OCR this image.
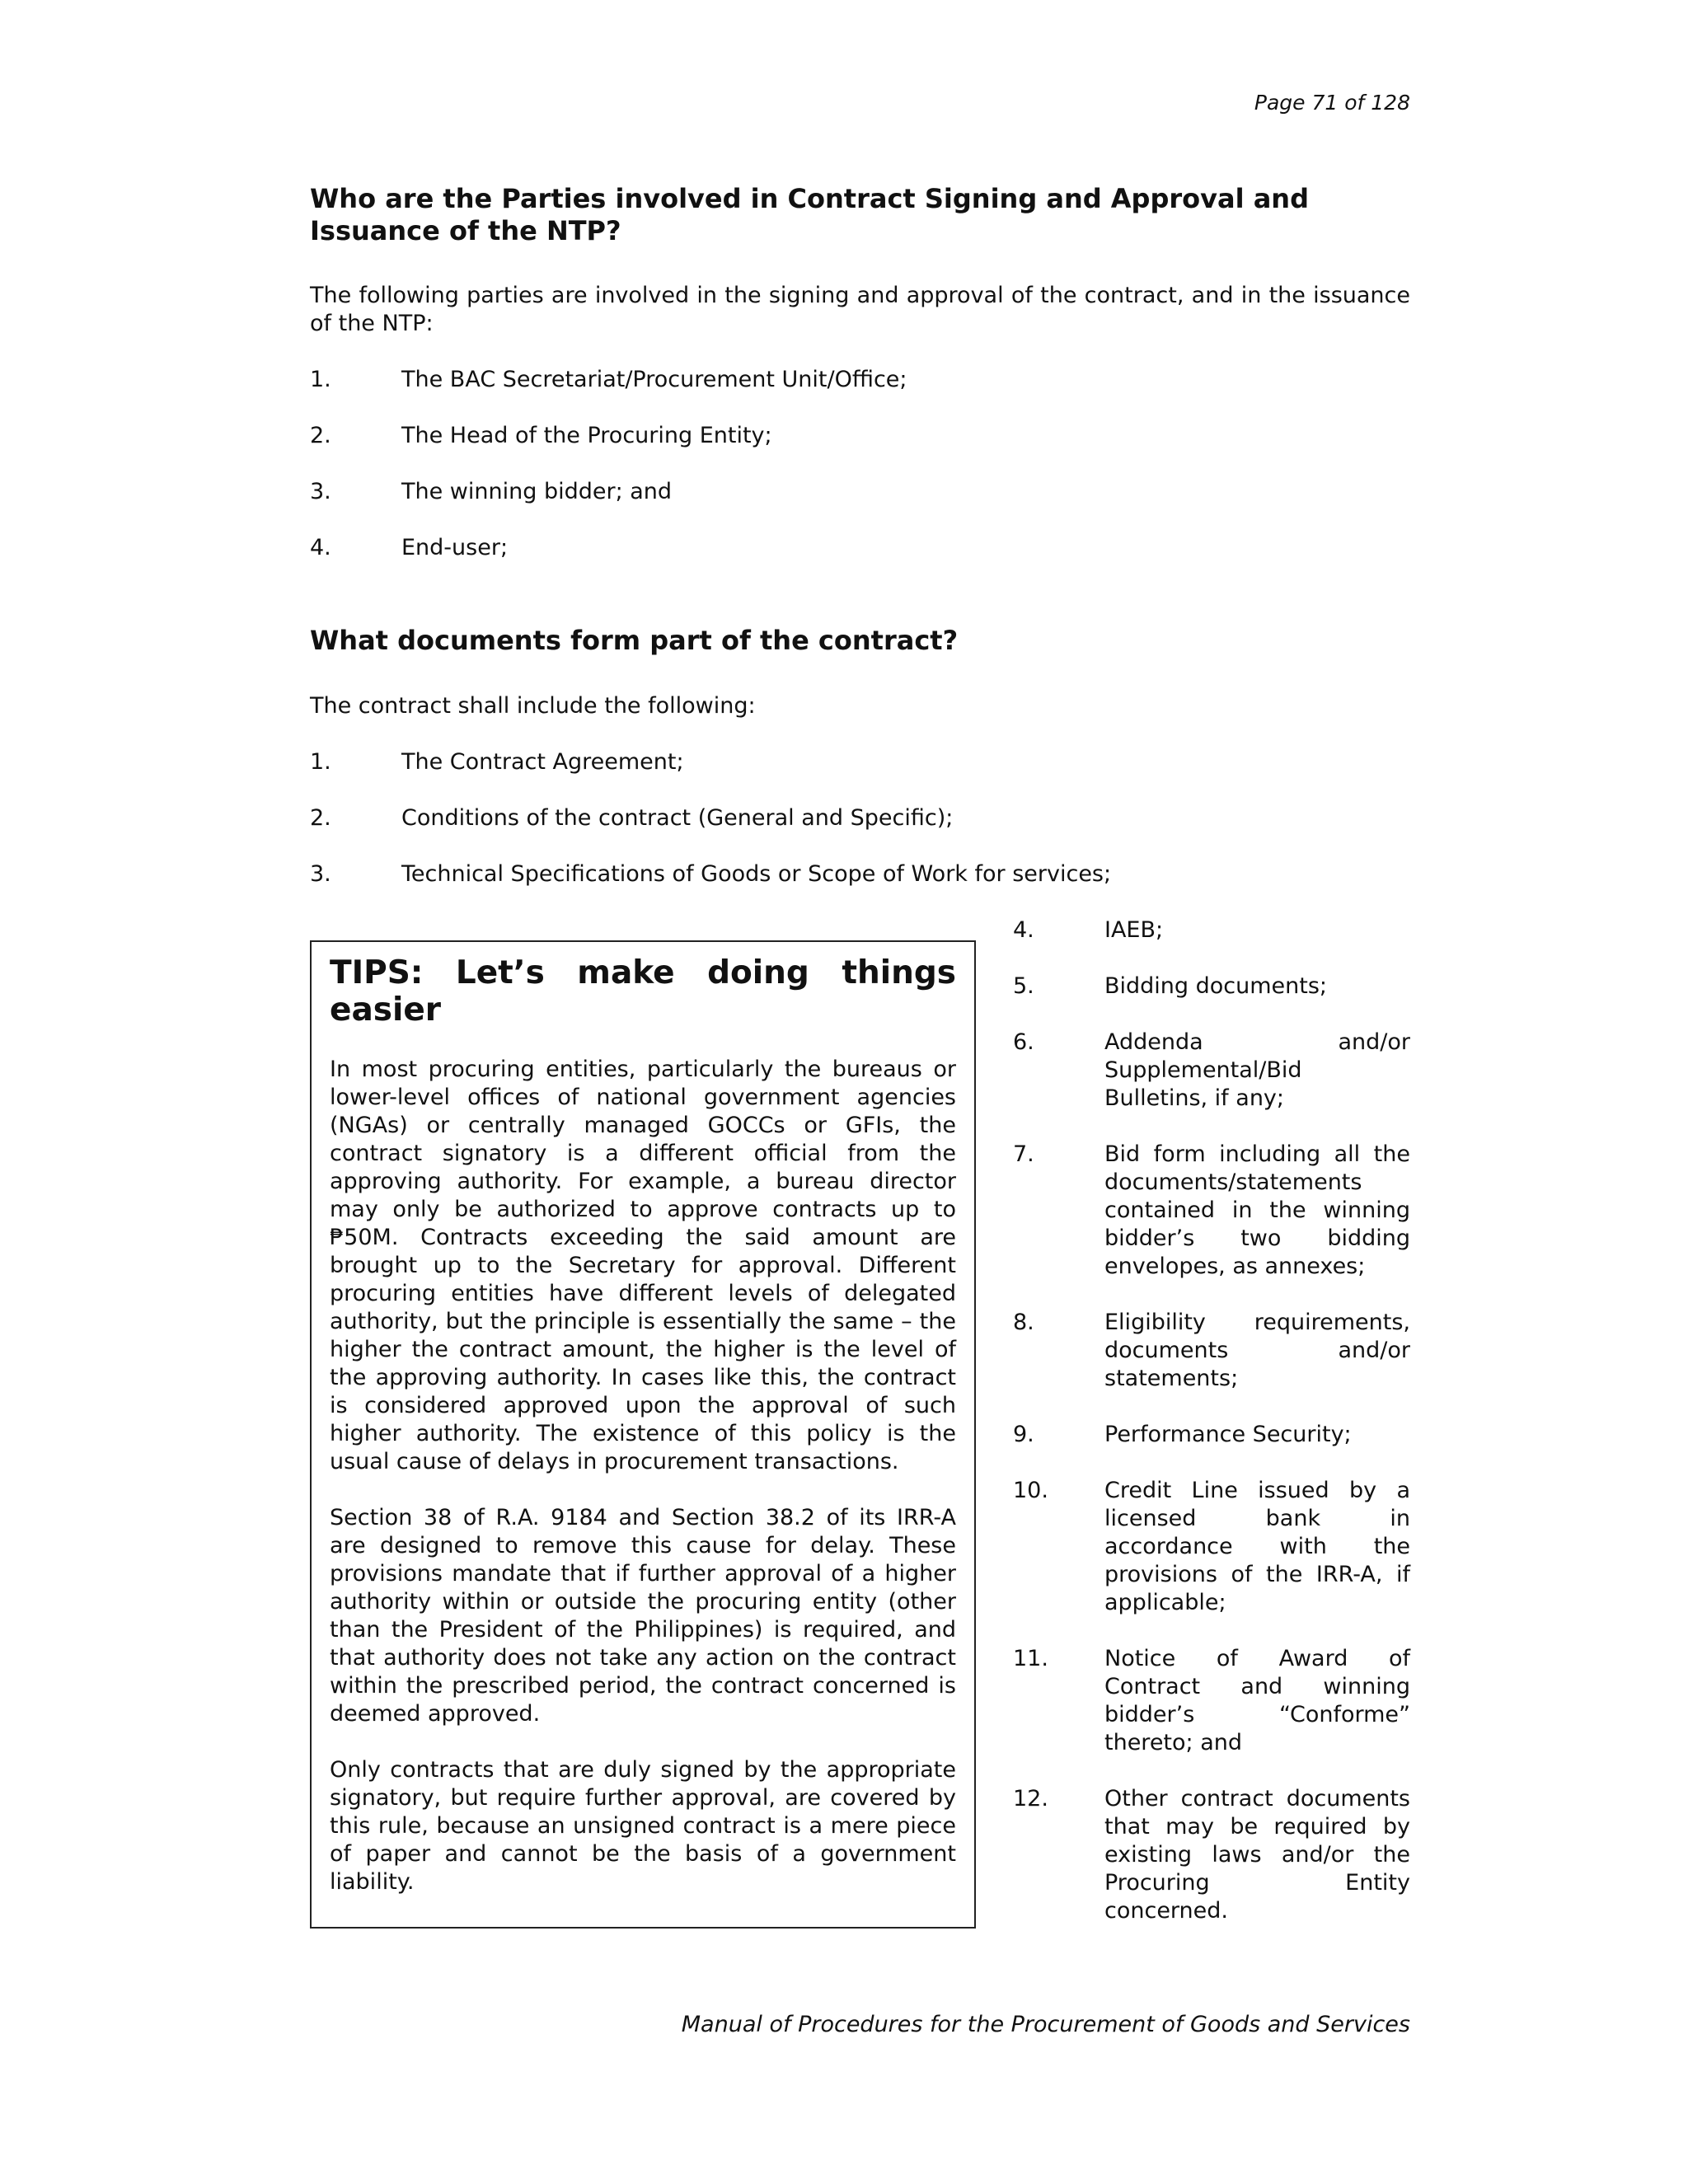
Page 71 of 128
Who are the Parties involved in Contract Signing and Approval and Issuance of the NTP?

The following parties are involved in the signing and approval of the contract, and in the issuance of the NTP:

1.	The BAC Secretariat/Procurement Unit/Office;
2.	The Head of the Procuring Entity;
3.	The winning bidder; and
4.	End-user;
What documents form part of the contract?

The contract shall include the following:

1.	The Contract Agreement;
2.	Conditions of the contract (General and Specific);
3.	Technical Specifications of Goods or Scope of Work for services;
TIPS: Let’s make doing things easier

In most procuring entities, particularly the bureaus or lower-level offices of national government agencies (NGAs) or centrally managed GOCCs or GFIs, the contract signatory is a different official from the approving authority. For example, a bureau director may only be authorized to approve contracts up to ₱50M. Contracts exceeding the said amount are brought up to the Secretary for approval. Different procuring entities have different levels of delegated authority, but the principle is essentially the same – the higher the contract amount, the higher is the level of the approving authority. In cases like this, the contract is considered approved upon the approval of such higher authority. The existence of this policy is the usual cause of delays in procurement transactions.

Section 38 of R.A. 9184 and Section 38.2 of its IRR-A are designed to remove this cause for delay. These provisions mandate that if further approval of a higher authority within or outside the procuring entity (other than the President of the Philippines) is required, and that authority does not take any action on the contract within the prescribed period, the contract concerned is deemed approved.

Only contracts that are duly signed by the appropriate signatory, but require further approval, are covered by this rule, because an unsigned contract is a mere piece of paper and cannot be the basis of a government liability.

4.	IAEB;
5.	Bidding documents;
6.	Addenda and/or Supplemental/Bid Bulletins, if any;
7.	Bid form including all the documents/statements contained in the winning bidder’s two bidding envelopes, as annexes;
8.	Eligibility requirements, documents and/or statements;
9.	Performance Security;
10.	Credit Line issued by a licensed bank in accordance with the provisions of the IRR-A, if applicable;
11.	Notice of Award of Contract and winning bidder’s “Conforme” thereto; and
12.	Other contract documents that may be required by existing laws and/or the Procuring Entity concerned.
Manual of Procedures for the Procurement of Goods and Services
